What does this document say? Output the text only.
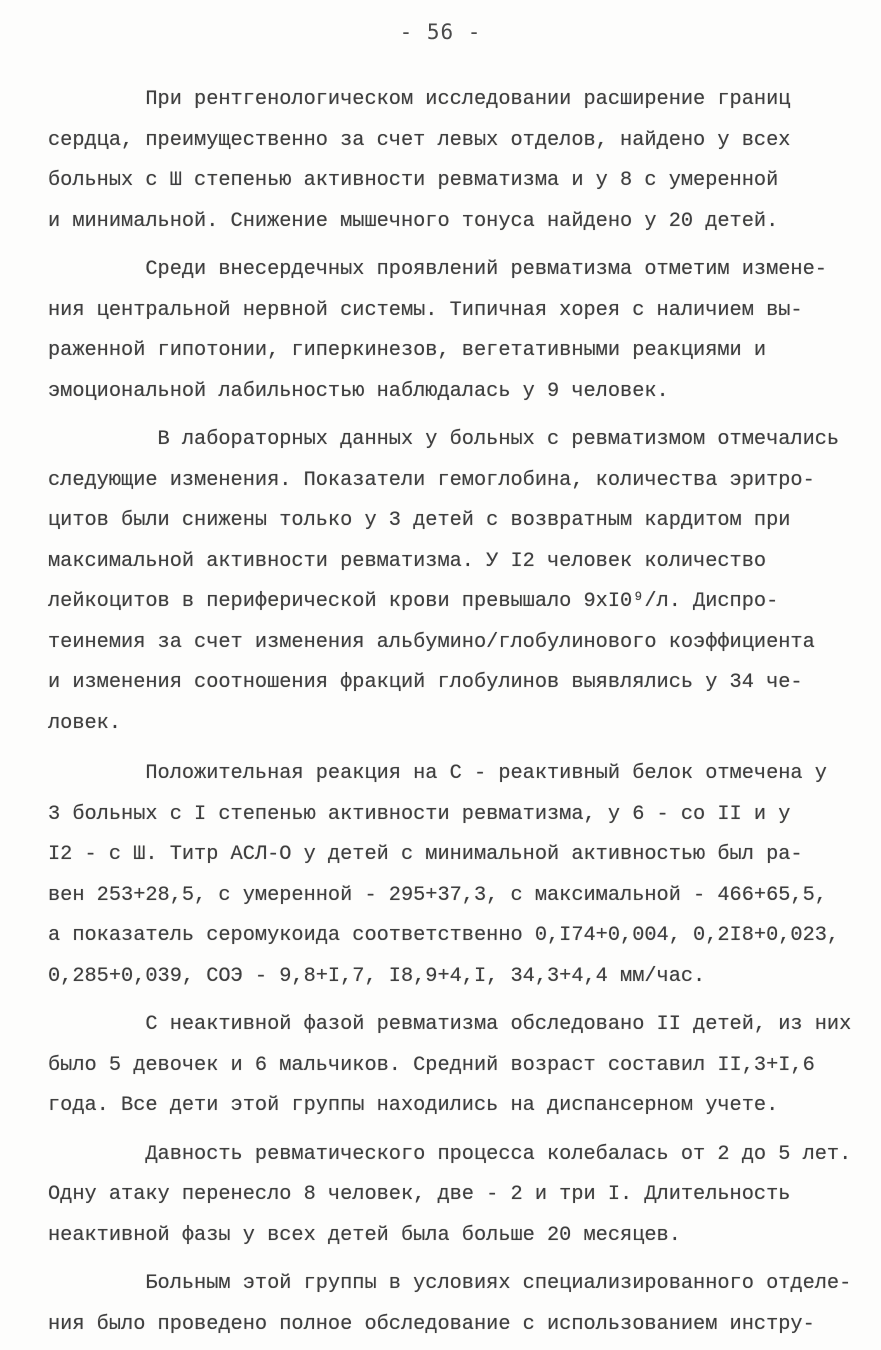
- 56 -
При рентгенологическом исследовании расширение границ
сердца, преимущественно за счет левых отделов, найдено у всех
больных с Ш степенью активности ревматизма и у 8 с умеренной
и минимальной. Снижение мышечного тонуса найдено у 20 детей.
Среди внесердечных проявлений ревматизма отметим измене-
ния центральной нервной системы. Типичная хорея с наличием вы-
раженной гипотонии, гиперкинезов, вегетативными реакциями и
эмоциональной лабильностью наблюдалась у 9 человек.
В лабораторных данных у больных с ревматизмом отмечались
следующие изменения. Показатели гемоглобина, количества эритро-
цитов были снижены только у 3 детей с возвратным кардитом при
максимальной активности ревматизма. У I2 человек количество
лейкоцитов в периферической крови превышало 9хI0⁹/л. Диспро-
теинемия за счет изменения альбумино/глобулинового коэффициента
и изменения соотношения фракций глобулинов выявлялись у 34 че-
ловек.
Положительная реакция на С - реактивный белок отмечена у
3 больных с I степенью активности ревматизма, у 6 - со II и у
I2 - с Ш. Титр АСЛ-О у детей с минимальной активностью был ра-
вен 253+28,5, с умеренной - 295+37,3, с максимальной - 466+65,5,
а показатель серомукоида соответственно 0,I74+0,004, 0,2I8+0,023,
0,285+0,039, СОЭ - 9,8+I,7, I8,9+4,I, 34,3+4,4 мм/час.
С неактивной фазой ревматизма обследовано II детей, из них
было 5 девочек и 6 мальчиков. Средний возраст составил II,3+I,6
года. Все дети этой группы находились на диспансерном учете.
Давность ревматического процесса колебалась от 2 до 5 лет.
Одну атаку перенесло 8 человек, две - 2 и три I. Длительность
неактивной фазы у всех детей была больше 20 месяцев.
Больным этой группы в условиях специализированного отделе-
ния было проведено полное обследование с использованием инстру-
